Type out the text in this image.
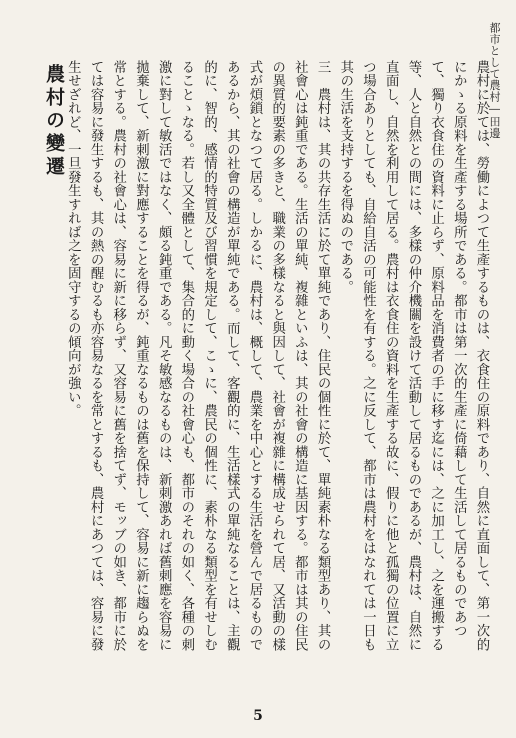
都市として農村―田邊

農村に於ては、勞働によつて生產するものは、衣食住の原料であり、自然に直面して、第一次的にかゝる原料を生產する場所である。都市は第一次的生產に倚藉して生活して居るものであつて、獨り衣食住の資料に止らず、原料品を消費者の手に移す迄には、之に加工し、之を運搬する等、人と自然との間には、多樣の仲介機關を設けて活動して居るものであるが、農村は、自然に直面し、自然を利用して居る。農村は衣食住の資料を生產する故に、假りに他と孤獨の位置に立つ場合ありとしても、自給自活の可能性を有する。之に反して、都市は農村をはなれては一日も其の生活を支持するを得ぬのである。

三　農村は、其の共存生活に於て單純であり、住民の個性に於て、單純素朴なる類型あり、其の社會心は鈍重である。生活の單純、複雜といふは、其の社會の構造に基因する。都市は其の住民の異質的要素の多きと、職業の多樣なると與因して、社會が複雜に構成せられて居、又活動の樣式が煩鎖となつて居る。しかるに、農村は、概して、農業を中心とする生活を營んで居るものであるから、其の社會の構造が單純である。而して、客觀的に、生活樣式の單純なることは、主觀的に、智的、感情的特質及び習慣を規定して、こゝに、農民の個性に、素朴なる類型を有せしむることゝなる。若し又全體として、集合的に動く場合の社會心も、都市のそれの如く、各種の刺激に對して敏活ではなく、頗る鈍重である。凡そ敏感なるものは、新刺激あれば舊刺應を容易に拋棄して、新刺激に對應することを得るが、鈍重なるものは舊を保持して、容易に新に趨らぬを常とする。農村の社會心は、容易に新に移らず、又容易に舊を捨てず、モッブの如き、都市に於ては容易に發生するも、其の熱の醒むるも亦容易なるを常とするも、農村にあつては、容易に發生せざれど、一旦發生すれば之を固守するの傾向が強い。

農村の變遷
5
